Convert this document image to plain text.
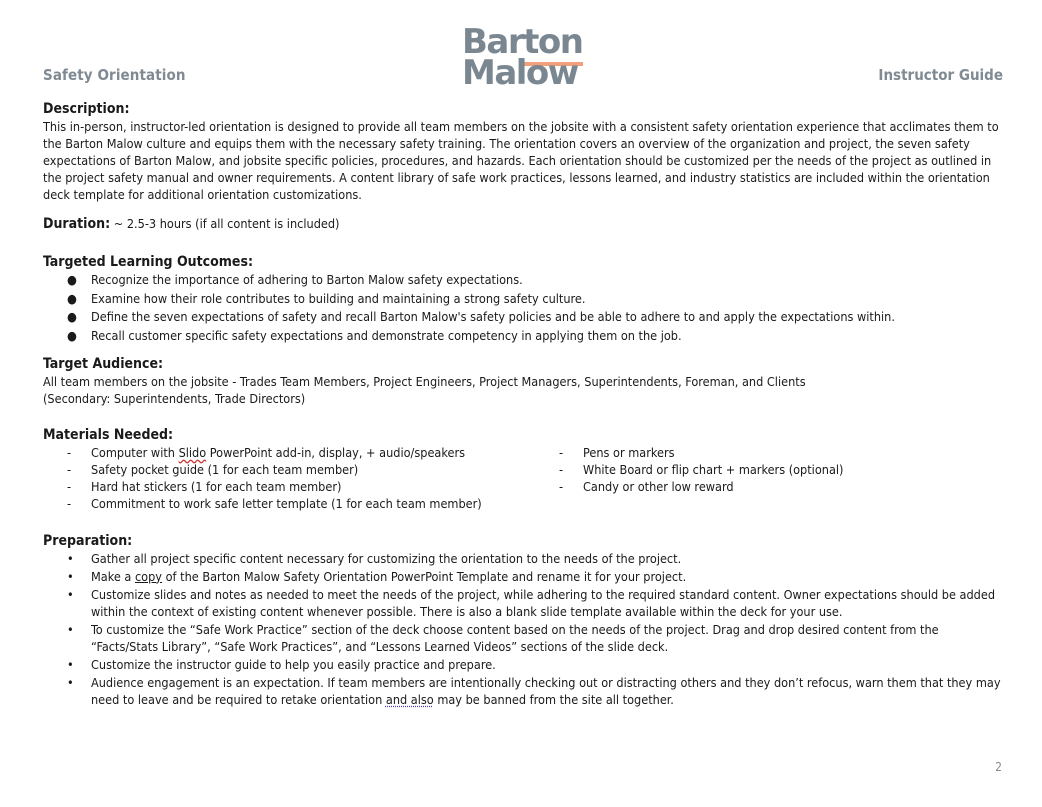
Safety Orientation
Barton
Malow	Instructor Guide
Description:

This in-person, instructor-led orientation is designed to provide all team members on the jobsite with a consistent safety orientation experience that acclimates them to the Barton Malow culture and equips them with the necessary safety training. The orientation covers an overview of the organization and project, the seven safety expectations of Barton Malow, and jobsite specific policies, procedures, and hazards. Each orientation should be customized per the needs of the project as outlined in the project safety manual and owner requirements. A content library of safe work practices, lessons learned, and industry statistics are included within the orientation deck template for additional orientation customizations.

Duration: ~ 2.5-3 hours (if all content is included)

Targeted Learning Outcomes:
● Recognize the importance of adhering to Barton Malow safety expectations.
● Examine how their role contributes to building and maintaining a strong safety culture.
● Define the seven expectations of safety and recall Barton Malow's safety policies and be able to adhere to and apply the expectations within.
● Recall customer specific safety expectations and demonstrate competency in applying them on the job.
Target Audience:

All team members on the jobsite - Trades Team Members, Project Engineers, Project Managers, Superintendents, Foreman, and Clients

(Secondary: Superintendents, Trade Directors)

Materials Needed:
- Computer with Slido PowerPoint add-in, display, + audio/speakers
- Safety pocket guide (1 for each team member)
- Hard hat stickers (1 for each team member)
- Commitment to work safe letter template (1 for each team member)
- Pens or markers
- White Board or flip chart + markers (optional)
- Candy or other low reward
Preparation:
• Gather all project specific content necessary for customizing the orientation to the needs of the project.
• Make a copy of the Barton Malow Safety Orientation PowerPoint Template and rename it for your project.
• Customize slides and notes as needed to meet the needs of the project, while adhering to the required standard content. Owner expectations should be added within the context of existing content whenever possible. There is also a blank slide template available within the deck for your use.
• To customize the “Safe Work Practice” section of the deck choose content based on the needs of the project. Drag and drop desired content from the “Facts/Stats Library”, “Safe Work Practices”, and “Lessons Learned Videos” sections of the slide deck.
• Customize the instructor guide to help you easily practice and prepare.
• Audience engagement is an expectation. If team members are intentionally checking out or distracting others and they don’t refocus, warn them that they may need to leave and be required to retake orientation and also may be banned from the site all together.
2
